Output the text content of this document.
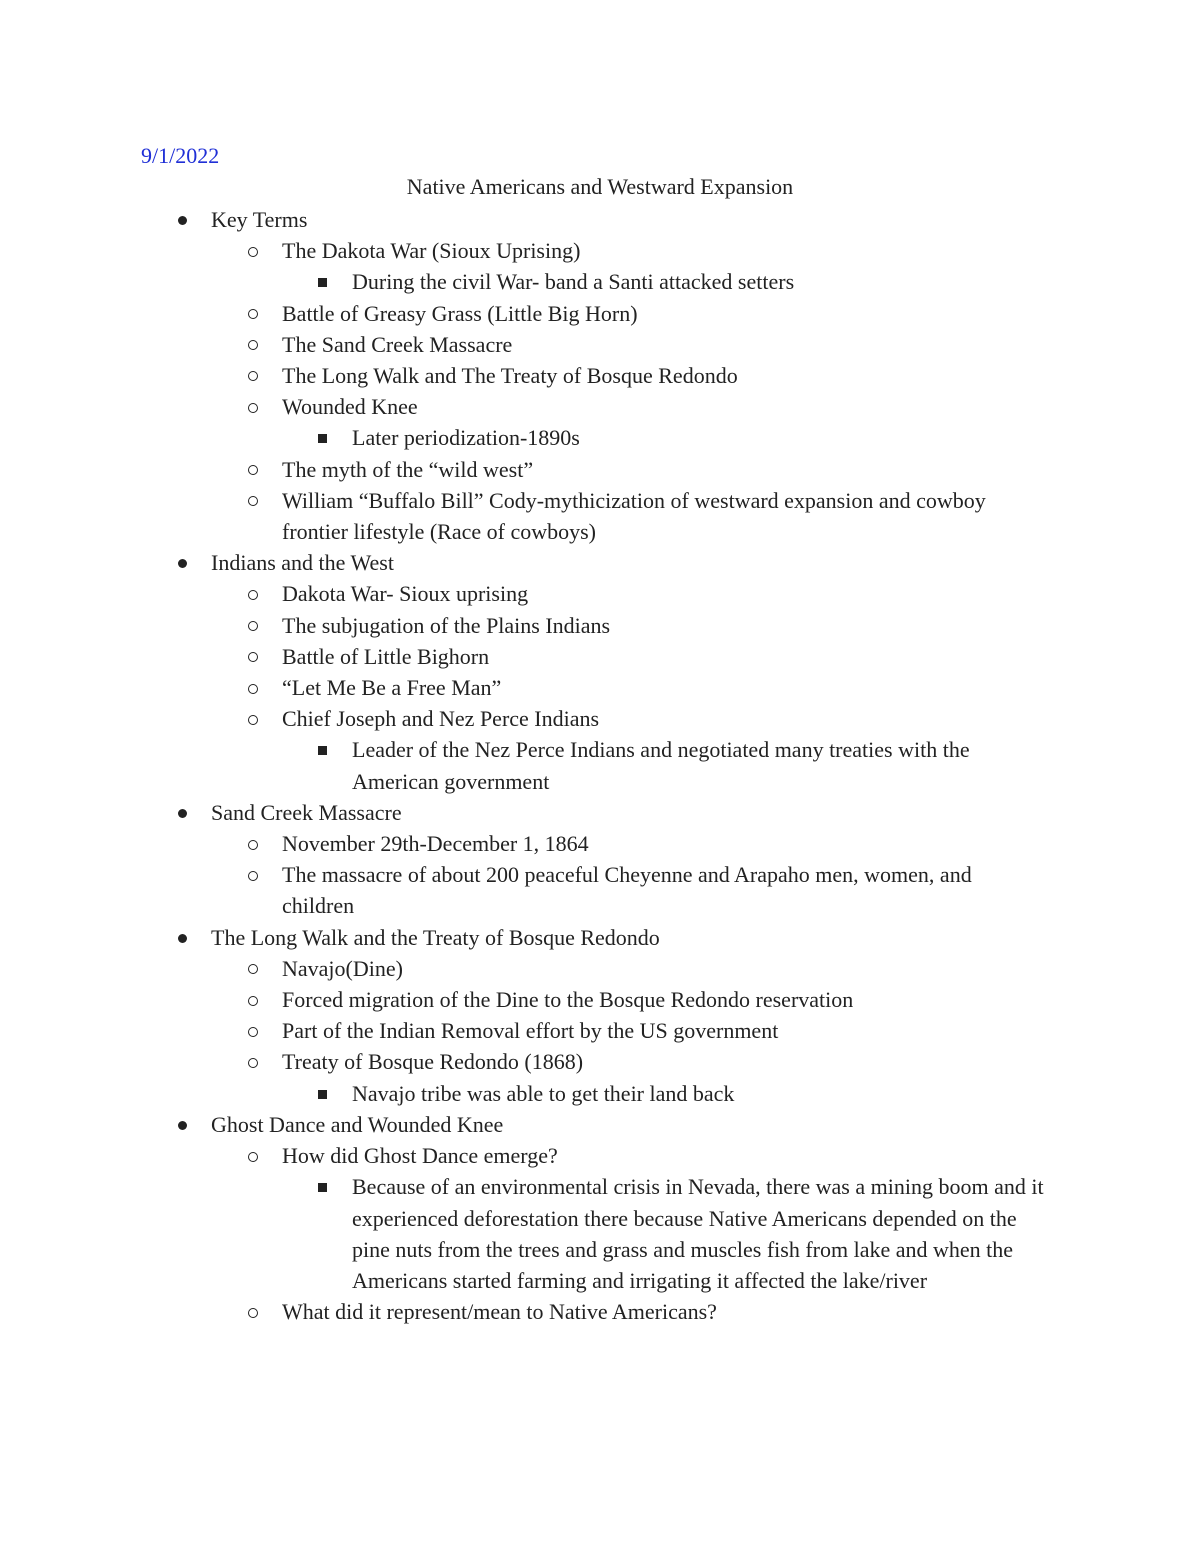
9/1/2022
Native Americans and Westward Expansion
Key Terms
The Dakota War (Sioux Uprising)
During the civil War- band a Santi attacked setters
Battle of Greasy Grass (Little Big Horn)
The Sand Creek Massacre
The Long Walk and The Treaty of Bosque Redondo
Wounded Knee
Later periodization-1890s
The myth of the “wild west”
William “Buffalo Bill” Cody-mythicization of westward expansion and cowboy frontier lifestyle (Race of cowboys)
Indians and the West
Dakota War- Sioux uprising
The subjugation of the Plains Indians
Battle of Little Bighorn
“Let Me Be a Free Man”
Chief Joseph and Nez Perce Indians
Leader of the Nez Perce Indians and negotiated many treaties with the American government
Sand Creek Massacre
November 29th-December 1, 1864
The massacre of about 200 peaceful Cheyenne and Arapaho men, women, and children
The Long Walk and the Treaty of Bosque Redondo
Navajo(Dine)
Forced migration of the Dine to the Bosque Redondo reservation
Part of the Indian Removal effort by the US government
Treaty of Bosque Redondo (1868)
Navajo tribe was able to get their land back
Ghost Dance and Wounded Knee
How did Ghost Dance emerge?
Because of an environmental crisis in Nevada, there was a mining boom and it experienced deforestation there because Native Americans depended on the pine nuts from the trees and grass and muscles fish from lake and when the Americans started farming and irrigating it affected the lake/river
What did it represent/mean to Native Americans?
